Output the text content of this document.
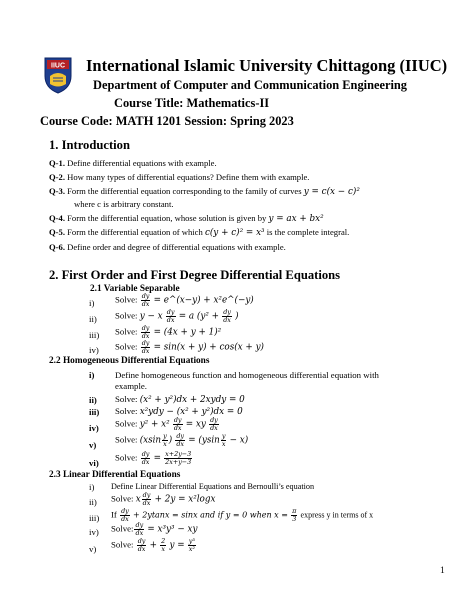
IIUC International Islamic University Chittagong (IIUC)
Department of Computer and Communication Engineering
Course Title: Mathematics-II
Course Code: MATH 1201 Session: Spring 2023
1. Introduction
Q-1. Define differential equations with example.
Q-2. How many types of differential equations? Define them with example.
Q-3. Form the differential equation corresponding to the family of curves y = c(x − c)²
where c is arbitrary constant.
Q-4. Form the differential equation, whose solution is given by y = ax + bx²
Q-5. Form the differential equation of which c(y + c)² = x³ is the complete integral.
Q-6. Define order and degree of differential equations with example.
2. First Order and First Degree Differential Equations
2.1 Variable Separable
i) Solve: $\frac{dy}{dx}$ = e^(x−y) + x²e^(−y)
ii) Solve: y − x $\frac{dy}{dx} = a$ ($y^2 + \frac{dy}{dx}$ )
iii) Solve: $\frac{dy}{dx} = (4x + y + 1)^2$
iv) Solve: $\frac{dy}{dx} = \sin(x + y) + \cos(x + y)$
2.2 Homogeneous Differential Equations
i) Define homogeneous function and homogeneous differential equation with
example.
ii) Solve: (x² + y²)dx + 2xydy = 0
iii) Solve: x²ydy − (x² + y²)dx = 0
iv) Solve: $y^2 + x^2 \frac{dy}{dx}$ = xy $\frac{dy}{dx}$
v)
Solve: ($xsin \frac{y}{x}$ ) $\frac{dy}{dx} = (ysin \frac{y}{x} - x)$
vi)
Solve: $\frac{dy}{dx} = \frac{x+2y-3}{2x+y-3}$
2.3 Linear Differential Equations
i) Define Linear Differential Equations and Bernoulli’s equation
ii) Solve: x $\frac{dy}{dx} + 2y = x^2\log x$
iii) If $\frac{dy}{dx} + 2ytanx = \sin x$ and if y = 0 when $x = \frac{\pi}{3}$ express y in terms of x
iv) Solve: $\frac{dy}{dx} = x^3y^3$ − xy
v) Solve: $\frac{dy}{dx} + \frac{2}{x}$ $y = \frac{\text{y³}}{\text{x²}}$
1
